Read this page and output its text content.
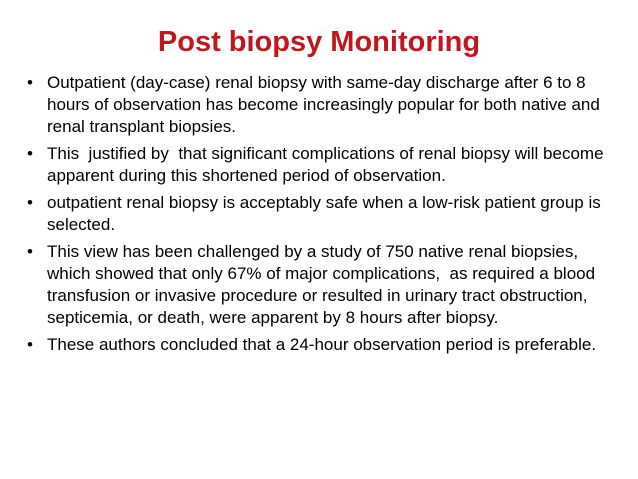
Post biopsy Monitoring
• Outpatient (day-case) renal biopsy with same-day discharge after 6 to 8 hours of observation has become increasingly popular for both native and renal transplant biopsies.
• This  justified by  that significant complications of renal biopsy will become apparent during this shortened period of observation.
• outpatient renal biopsy is acceptably safe when a low-risk patient group is selected.
• This view has been challenged by a study of 750 native renal biopsies, which showed that only 67% of major complications,  as required a blood transfusion or invasive procedure or resulted in urinary tract obstruction, septicemia, or death, were apparent by 8 hours after biopsy.
• These authors concluded that a 24-hour observation period is preferable.
